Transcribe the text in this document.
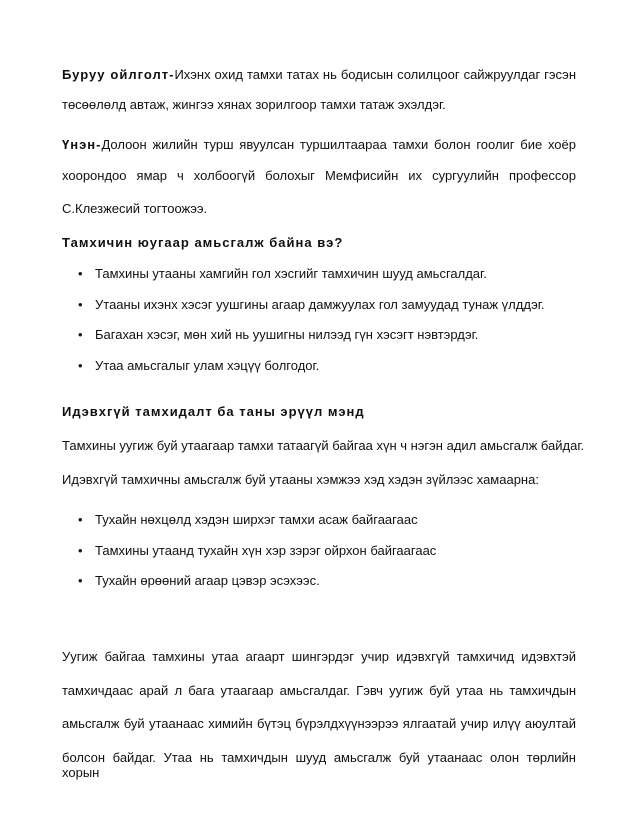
Буруу ойлголт-Ихэнх охид тамхи татах нь бодисын солилцоог сайжруулдаг гэсэн
төсөөлөлд автаж, жингээ хянах зорилгоор тамхи татаж эхэлдэг.
Үнэн-Долоон жилийн турш явуулсан туршилтаараа тамхи болон гоолиг бие хоёр
хоорондоо ямар ч холбоогүй болохыг Мемфисийн их сургуулийн профессор
С.Клезжесий тогтоожээ.
Тамхичин юугаар амьсгалж байна вэ?
• Тамхины утааны хамгийн гол хэсгийг тамхичин шууд амьсгалдаг.
• Утааны ихэнх хэсэг уушгины агаар дамжуулах гол замуудад тунаж үлддэг.
• Багахан хэсэг, мөн хий нь уушигны нилээд гүн хэсэгт нэвтэрдэг.
• Утаа амьсгалыг улам хэцүү болгодог.
Идэвхгүй тамхидалт ба таны эрүүл мэнд
Тамхины уугиж буй утаагаар тамхи татаагүй байгаа хүн ч нэгэн адил амьсгалж байдаг.
Идэвхгүй тамхичны амьсгалж буй утааны хэмжээ хэд хэдэн зүйлээс хамаарна:
• Тухайн нөхцөлд хэдэн ширхэг тамхи асаж байгаагаас
• Тамхины утаанд тухайн хүн хэр зэрэг ойрхон байгаагаас
• Тухайн өрөөний агаар цэвэр эсэхээс.
Уугиж байгаа тамхины утаа агаарт шингэрдэг учир идэвхгүй тамхичид идэвхтэй
тамхичдаас арай л бага утаагаар амьсгалдаг. Гэвч уугиж буй утаа нь тамхичдын
амьсгалж буй утаанаас химийн бүтэц бүрэлдхүүнээрээ ялгаатай учир илүү аюултай
болсон байдаг. Утаа нь тамхичдын шууд амьсгалж буй утаанаас олон төрлийн хорын
